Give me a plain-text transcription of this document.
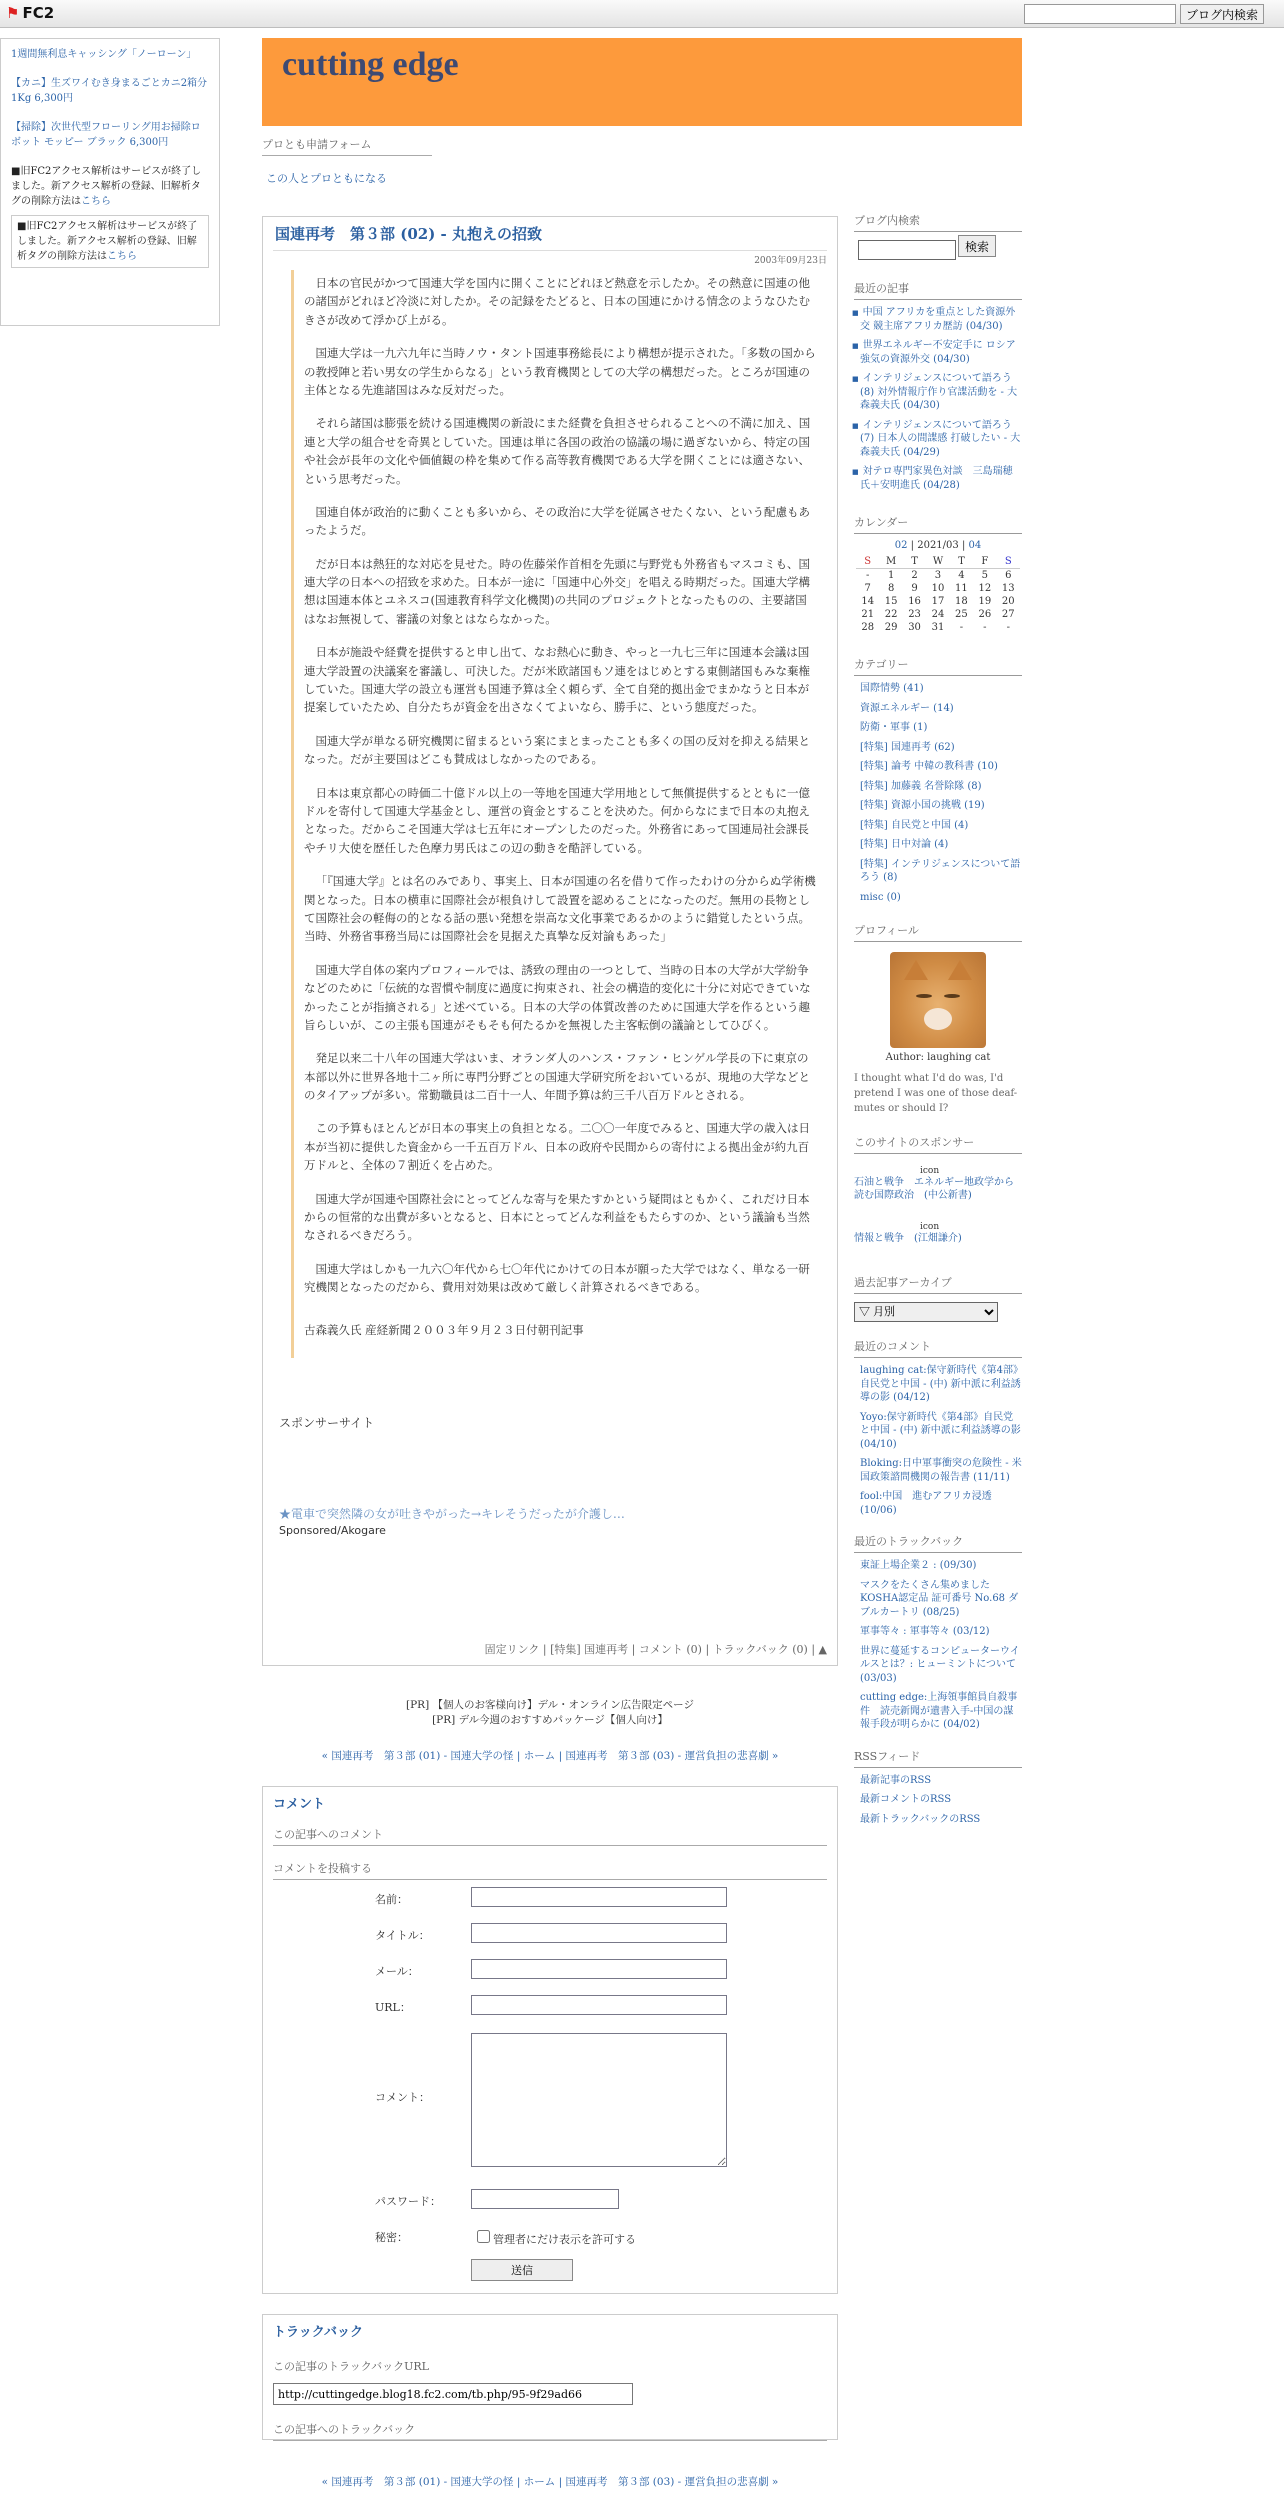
⚑ FC2	ブログ内検索
1週間無利息キャッシング「ノーローン」
【カニ】生ズワイむき身まるごとカニ2箱分1Kg 6,300円
【掃除】次世代型フローリング用お掃除ロボット モッピー ブラック 6,300円
■旧FC2アクセス解析はサービスが終了しました。新アクセス解析の登録、旧解析タグの削除方法はこちら
■旧FC2アクセス解析はサービスが終了しました。新アクセス解析の登録、旧解析タグの削除方法はこちら
cutting edge
プロとも申請フォーム
この人とプロともになる
国連再考　第３部 (02) - 丸抱えの招致
2003年09月23日

日本の官民がかつて国連大学を国内に開くことにどれほど熱意を示したか。その熱意に国連の他の諸国がどれほど冷淡に対したか。その記録をたどると、日本の国連にかける情念のようなひたむきさが改めて浮かび上がる。

国連大学は一九六九年に当時ノウ・タント国連事務総長により構想が提示された。「多数の国からの教授陣と若い男女の学生からなる」という教育機関としての大学の構想だった。ところが国連の主体となる先進諸国はみな反対だった。

それら諸国は膨張を続ける国連機関の新設にまた経費を負担させられることへの不満に加え、国連と大学の組合せを奇異としていた。国連は単に各国の政治の協議の場に過ぎないから、特定の国や社会が長年の文化や価値観の枠を集めて作る高等教育機関である大学を開くことには適さない、という思考だった。

国連自体が政治的に動くことも多いから、その政治に大学を従属させたくない、という配慮もあったようだ。

だが日本は熱狂的な対応を見せた。時の佐藤栄作首相を先頭に与野党も外務省もマスコミも、国連大学の日本への招致を求めた。日本が一途に「国連中心外交」を唱える時期だった。国連大学構想は国連本体とユネスコ(国連教育科学文化機関)の共同のプロジェクトとなったものの、主要諸国はなお無視して、審議の対象とはならなかった。

日本が施設や経費を提供すると申し出て、なお熱心に動き、やっと一九七三年に国連本会議は国連大学設置の決議案を審議し、可決した。だが米欧諸国もソ連をはじめとする東側諸国もみな棄権していた。国連大学の設立も運営も国連予算は全く頼らず、全て自発的拠出金でまかなうと日本が提案していたため、自分たちが資金を出さなくてよいなら、勝手に、という態度だった。

国連大学が単なる研究機関に留まるという案にまとまったことも多くの国の反対を抑える結果となった。だが主要国はどこも賛成はしなかったのである。

日本は東京都心の時価二十億ドル以上の一等地を国連大学用地として無償提供するとともに一億ドルを寄付して国連大学基金とし、運営の資金とすることを決めた。何からなにまで日本の丸抱えとなった。だからこそ国連大学は七五年にオープンしたのだった。外務省にあって国連局社会課長やチリ大使を歴任した色摩力男氏はこの辺の動きを酷評している。

「『国連大学』とは名のみであり、事実上、日本が国連の名を借りて作ったわけの分からぬ学術機関となった。日本の横車に国際社会が根負けして設置を認めることになったのだ。無用の長物として国際社会の軽侮の的となる話の悪い発想を崇高な文化事業であるかのように錯覚したという点。当時、外務省事務当局には国際社会を見据えた真摯な反対論もあった」

国連大学自体の案内プロフィールでは、誘致の理由の一つとして、当時の日本の大学が大学紛争などのために「伝統的な習慣や制度に過度に拘束され、社会の構造的変化に十分に対応できていなかったことが指摘される」と述べている。日本の大学の体質改善のために国連大学を作るという趣旨らしいが、この主張も国連がそもそも何たるかを無視した主客転倒の議論としてひびく。

発足以来二十八年の国連大学はいま、オランダ人のハンス・ファン・ヒンゲル学長の下に東京の本部以外に世界各地十二ヶ所に専門分野ごとの国連大学研究所をおいているが、現地の大学などとのタイアップが多い。常勤職員は二百十一人、年間予算は約三千八百万ドルとされる。

この予算もほとんどが日本の事実上の負担となる。二〇〇一年度でみると、国連大学の歳入は日本が当初に提供した資金から一千五百万ドル、日本の政府や民間からの寄付による拠出金が約九百万ドルと、全体の７割近くを占めた。

国連大学が国連や国際社会にとってどんな寄与を果たすかという疑問はともかく、これだけ日本からの恒常的な出費が多いとなると、日本にとってどんな利益をもたらすのか、という議論も当然なされるべきだろう。

国連大学はしかも一九六〇年代から七〇年代にかけての日本が願った大学ではなく、単なる一研究機関となったのだから、費用対効果は改めて厳しく計算されるべきである。

古森義久氏 産経新聞２００３年９月２３日付朝刊記事

スポンサーサイト
★電車で突然隣の女が吐きやがった→キレそうだったが介護し…
Sponsored/Akogare
固定リンク | [特集] 国連再考 | コメント (0) | トラックバック (0) | ▲
[PR] 【個人のお客様向け】デル・オンライン広告限定ページ
[PR] デル今週のおすすめパッケージ【個人向け】
« 国連再考　第３部 (01) - 国連大学の怪 | ホーム | 国連再考　第３部 (03) - 運営負担の悲喜劇 »
コメント
この記事へのコメント
コメントを投稿する
名前：
タイトル：
メール：
URL：
コメント：
パスワード：
秘密：	管理者にだけ表示を許可する
送信
トラックバック
この記事のトラックバックURL
http://cuttingedge.blog18.fc2.com/tb.php/95-9f29ad66
この記事へのトラックバック
« 国連再考　第３部 (01) - 国連大学の怪 | ホーム | 国連再考　第３部 (03) - 運営負担の悲喜劇 »
ブログ内検索
検索
最近の記事
■ 中国 アフリカを重点とした資源外交 競主席アフリカ歴訪 (04/30)
■ 世界エネルギー不安定手に ロシア強気の資源外交 (04/30)
■ インテリジェンスについて語ろう(8) 対外情報庁作り官諜活動を - 大森義夫氏 (04/30)
■ インテリジェンスについて語ろう(7) 日本人の間諜感 打破したい - 大森義夫氏 (04/29)
■ 対テロ専門家異色対談　三島瑞穂氏＋安明進氏 (04/28)
カレンダー
02 | 2021/03 | 04
S	M	T	W	T	F	S
-	1	2	3	4	5	6
7	8	9	10	11	12	13
14	15	16	17	18	19	20
21	22	23	24	25	26	27
28	29	30	31	-	-	-
カテゴリー
国際情勢 (41)
資源エネルギー (14)
防衛・軍事 (1)
[特集] 国連再考 (62)
[特集] 論考 中韓の教科書 (10)
[特集] 加藤義 名誉除隊 (8)
[特集] 資源小国の挑戦 (19)
[特集] 自民党と中国 (4)
[特集] 日中対論 (4)
[特集] インテリジェンスについて語ろう (8)
misc (0)
プロフィール
Author: laughing cat
I thought what I'd do was, I'd pretend I was one of those deaf-mutes or should I?
このサイトのスポンサー
icon
石油と戦争　エネルギー地政学から読む国際政治　(中公新書)
icon
情報と戦争　(江畑謙介)
過去記事アーカイブ
▽ 月別
最近のコメント
laughing cat:保守新時代《第4部》自民党と中国 - (中) 新中派に利益誘導の影 (04/12)
Yoyo:保守新時代《第4部》自民党と中国 - (中) 新中派に利益誘導の影 (04/10)
Bloking:日中軍事衝突の危険性 - 米国政策諮問機関の報告書 (11/11)
fool:中国　進むアフリカ浸透 (10/06)
最近のトラックバック
東証上場企業２ : (09/30)
マスクをたくさん集めました KOSHA認定品 証可番号 No.68 ダブルカートリ (08/25)
軍事等々 : 軍事等々 (03/12)
世界に蔓延するコンピューターウイルスとは？: ヒューミントについて (03/03)
cutting edge:上海領事館員自殺事件　読売新聞が遺書入手-中国の謀報手段が明らかに (04/02)
RSSフィード
最新記事のRSS
最新コメントのRSS
最新トラックバックのRSS
